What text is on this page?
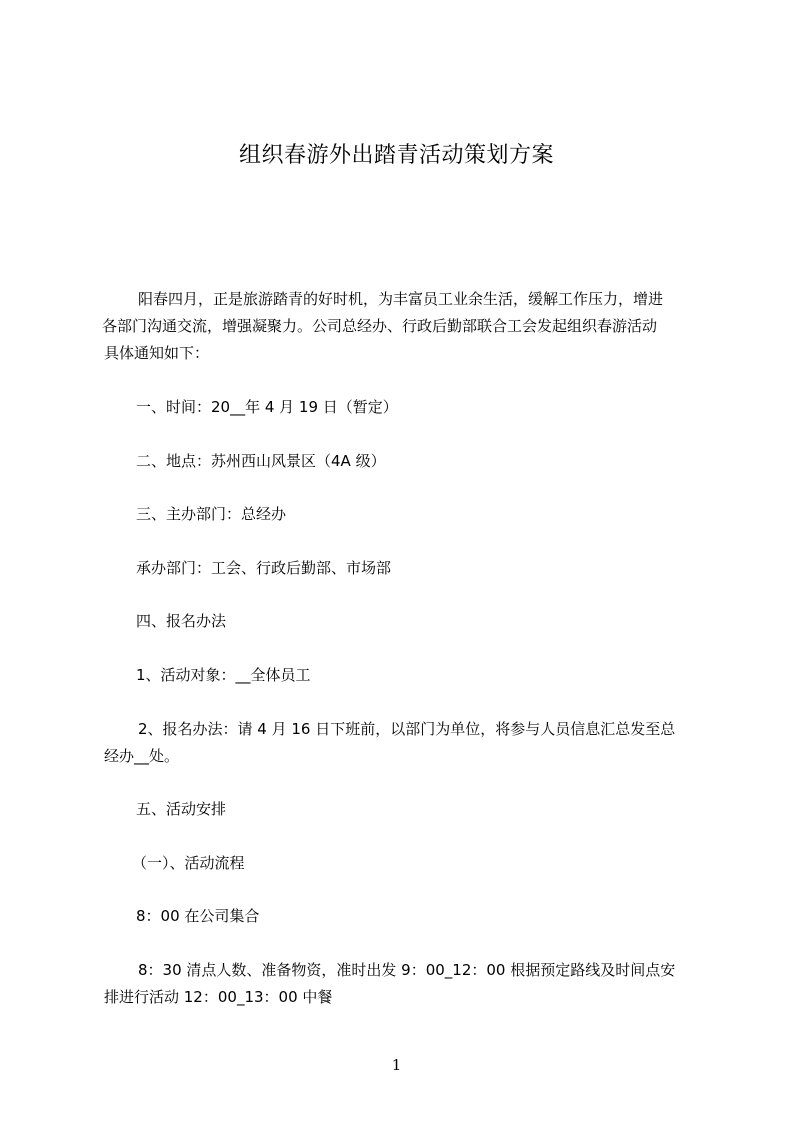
组织春游外出踏青活动策划方案
阳春四月，正是旅游踏青的好时机，为丰富员工业余生活，缓解工作压力，增进
各部门沟通交流，增强凝聚力。公司总经办、行政后勤部联合工会发起组织春游活动
具体通知如下：
一、时间：20__年 4 月 19 日（暂定）
二、地点：苏州西山风景区（4A 级）
三、主办部门：总经办
承办部门：工会、行政后勤部、市场部
四、报名办法
1、活动对象：__全体员工
2、报名办法：请 4 月 16 日下班前，以部门为单位，将参与人员信息汇总发至总
经办__处。
五、活动安排
（一）、活动流程
8：00 在公司集合
8：30 清点人数、准备物资，准时出发 9：00_12：00 根据预定路线及时间点安
排进行活动 12：00_13：00 中餐
1
